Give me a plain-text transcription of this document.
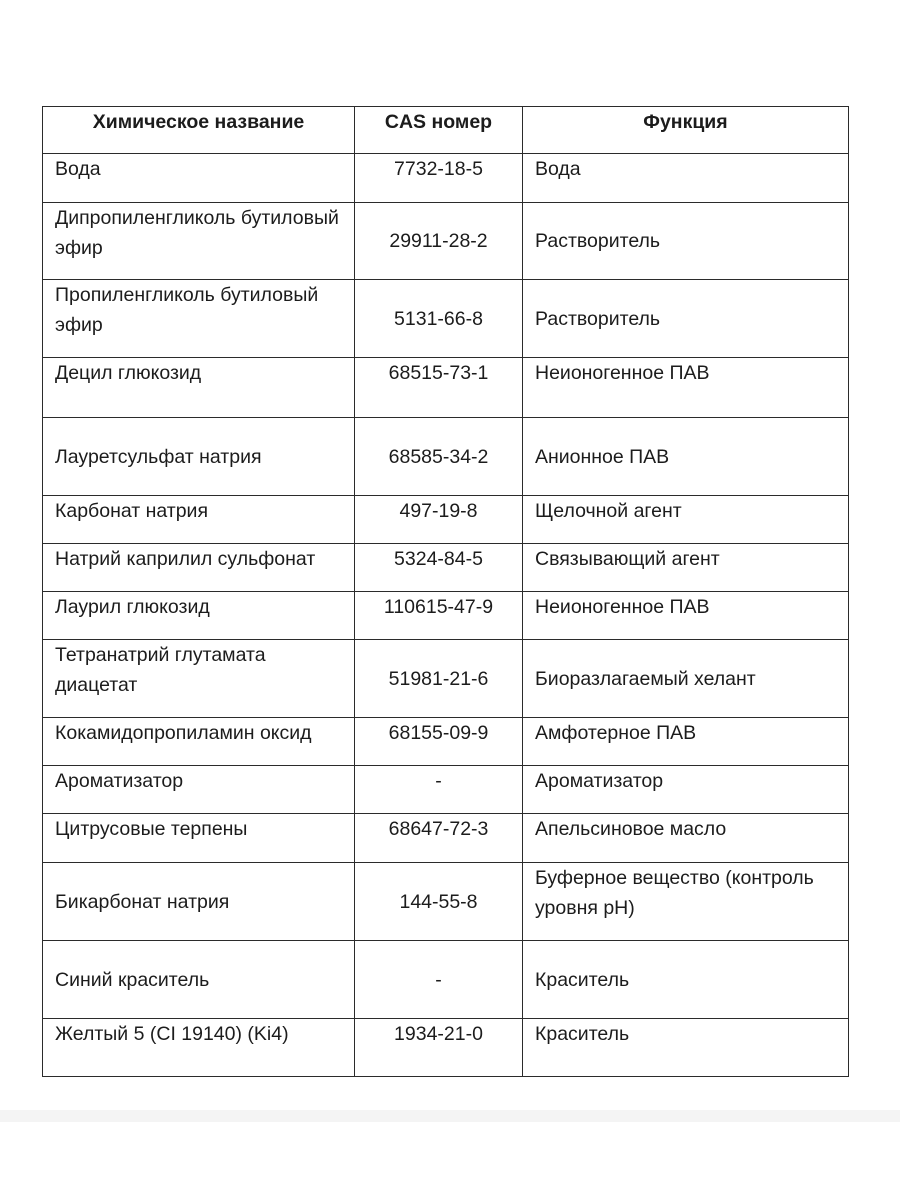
Химическое название	CAS номер	Функция

Вода	7732-18-5	Вода

Дипропиленгликоль бутиловый эфир	29911-28-2	Растворитель

Пропиленгликоль бутиловый эфир	5131-66-8	Растворитель

Децил глюкозид	68515-73-1	Неионогенное ПАВ

Лауретсульфат натрия	68585-34-2	Анионное ПАВ

Карбонат натрия	497-19-8	Щелочной агент

Натрий каприлил сульфонат	5324-84-5	Связывающий агент

Лаурил глюкозид	110615-47-9	Неионогенное ПАВ

Тетранатрий глутамата диацетат	51981-21-6	Биоразлагаемый хелант

Кокамидопропиламин оксид	68155-09-9	Амфотерное ПАВ

Ароматизатор	-	Ароматизатор

Цитрусовые терпены	68647-72-3	Апельсиновое масло

Бикарбонат натрия	144-55-8	Буферное вещество (контроль уровня pH)

Синий краситель	-	Краситель

Желтый 5 (CI 19140) (Ki4)	1934-21-0	Краситель
